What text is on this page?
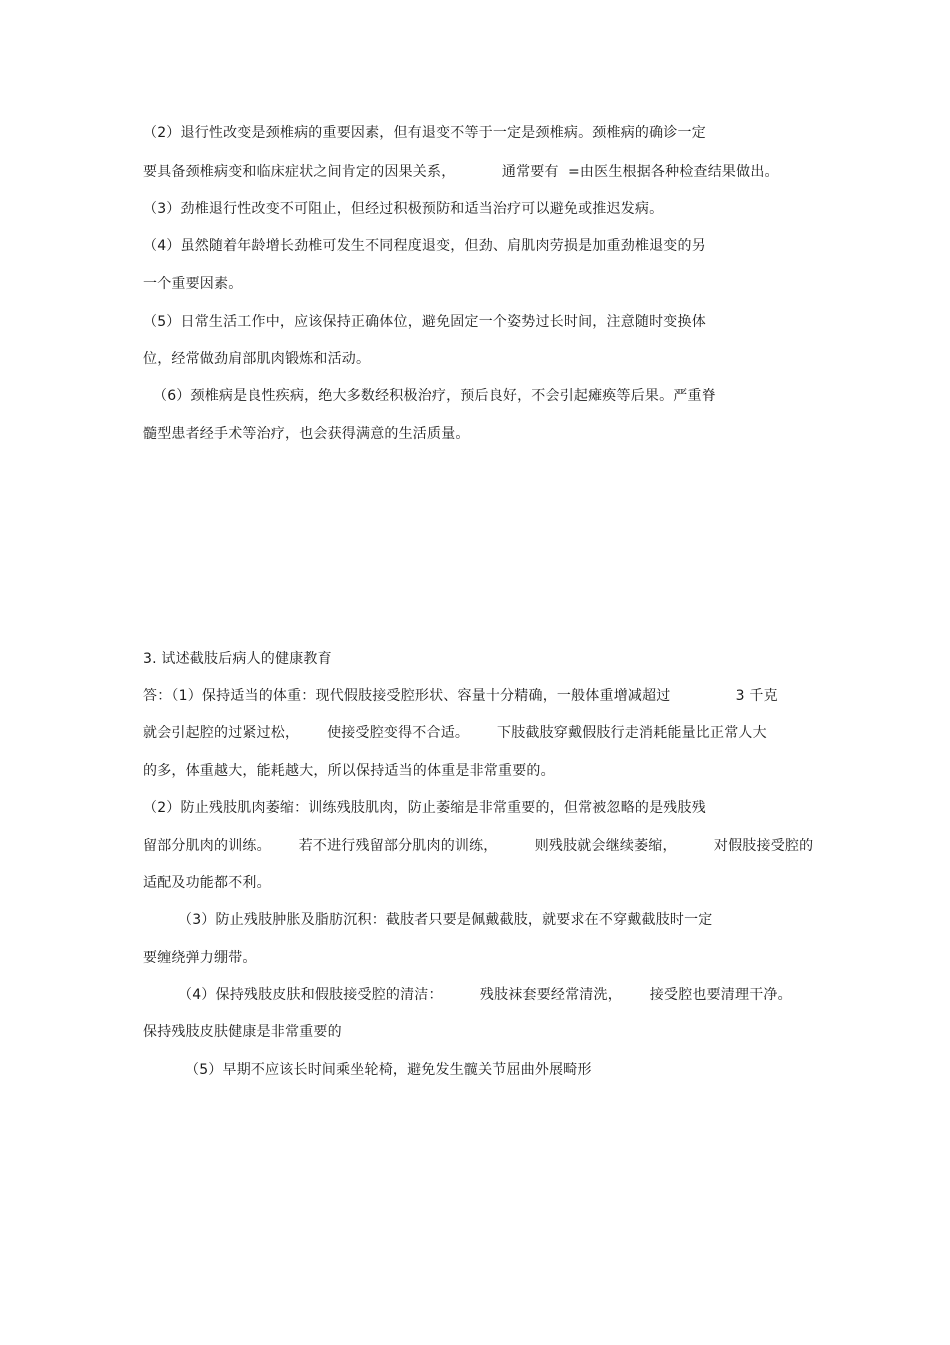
（2）退行性改变是颈椎病的重要因素，但有退变不等于一定是颈椎病。颈椎病的确诊一定
要具备颈椎病变和临床症状之间肯定的因果关系，          通常要有  =由医生根据各种检查结果做出。
（3）劲椎退行性改变不可阻止，但经过积极预防和适当治疗可以避免或推迟发病。
（4）虽然随着年龄增长劲椎可发生不同程度退变，但劲、肩肌肉劳损是加重劲椎退变的另
一个重要因素。
（5）日常生活工作中，应该保持正确体位，避免固定一个姿势过长时间，注意随时变换体
位，经常做劲肩部肌肉锻炼和活动。
（6）颈椎病是良性疾病，绝大多数经积极治疗，预后良好，不会引起瘫痪等后果。严重脊
髓型患者经手术等治疗，也会获得满意的生活质量。
3. 试述截肢后病人的健康教育
答：（1）保持适当的体重：现代假肢接受腔形状、容量十分精确，一般体重增减超过              3 千克
就会引起腔的过紧过松，      使接受腔变得不合适。      下肢截肢穿戴假肢行走消耗能量比正常人大
的多，体重越大，能耗越大，所以保持适当的体重是非常重要的。
（2）防止残肢肌肉萎缩：训练残肢肌肉，防止萎缩是非常重要的，但常被忽略的是残肢残
留部分肌肉的训练。      若不进行残留部分肌肉的训练，        则残肢就会继续萎缩，        对假肢接受腔的
适配及功能都不利。
（3）防止残肢肿胀及脂肪沉积：截肢者只要是佩戴截肢，就要求在不穿戴截肢时一定
要缠绕弹力绷带。
（4）保持残肢皮肤和假肢接受腔的清洁：        残肢袜套要经常清洗，      接受腔也要清理干净。
保持残肢皮肤健康是非常重要的
（5）早期不应该长时间乘坐轮椅，避免发生髋关节屈曲外展畸形
